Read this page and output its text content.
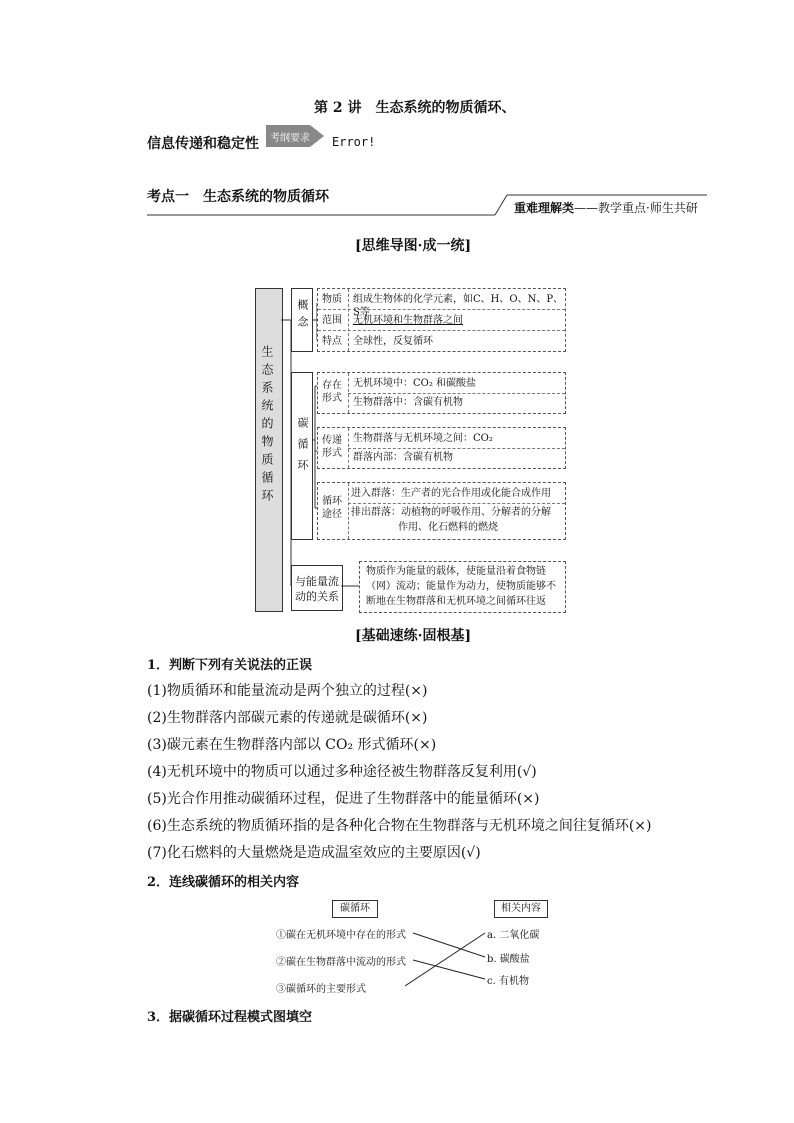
第 2 讲　生态系统的物质循环、
信息传递和稳定性 考纲要求 Error!
考点一　生态系统的物质循环
重难理解类——教学重点·师生共研
[思维导图·成一统]
生态系统的物质循环
概念 物质 组成生物体的化学元素，如C、H、O、N、P、S等
范围 无机环境和生物群落之间
特点 全球性，反复循环
碳循环
存在形式
无机环境中：CO₂ 和碳酸盐
生物群落中：含碳有机物
传递形式
生物群落与无机环境之间：CO₂
群落内部：含碳有机物
循环途径
进入群落：生产者的光合作用或化能合成作用
排出群落：动植物的呼吸作用、分解者的分解
作用、化石燃料的燃烧
与能量流动的关系
物质作为能量的载体，使能量沿着食物链
（网）流动；能量作为动力，使物质能够不
断地在生物群落和无机环境之间循环往返
[基础速练·固根基]
1．判断下列有关说法的正误
(1)物质循环和能量流动是两个独立的过程(×)
(2)生物群落内部碳元素的传递就是碳循环(×)
(3)碳元素在生物群落内部以 CO₂ 形式循环(×)
(4)无机环境中的物质可以通过多种途径被生物群落反复利用(√)
(5)光合作用推动碳循环过程，促进了生物群落中的能量循环(×)
(6)生态系统的物质循环指的是各种化合物在生物群落与无机环境之间往复循环(×)
(7)化石燃料的大量燃烧是造成温室效应的主要原因(√)
2．连线碳循环的相关内容
碳循环	相关内容
①碳在无机环境中存在的形式
②碳在生物群落中流动的形式
③碳循环的主要形式
a. 二氧化碳
b. 碳酸盐
c. 有机物
3．据碳循环过程模式图填空
